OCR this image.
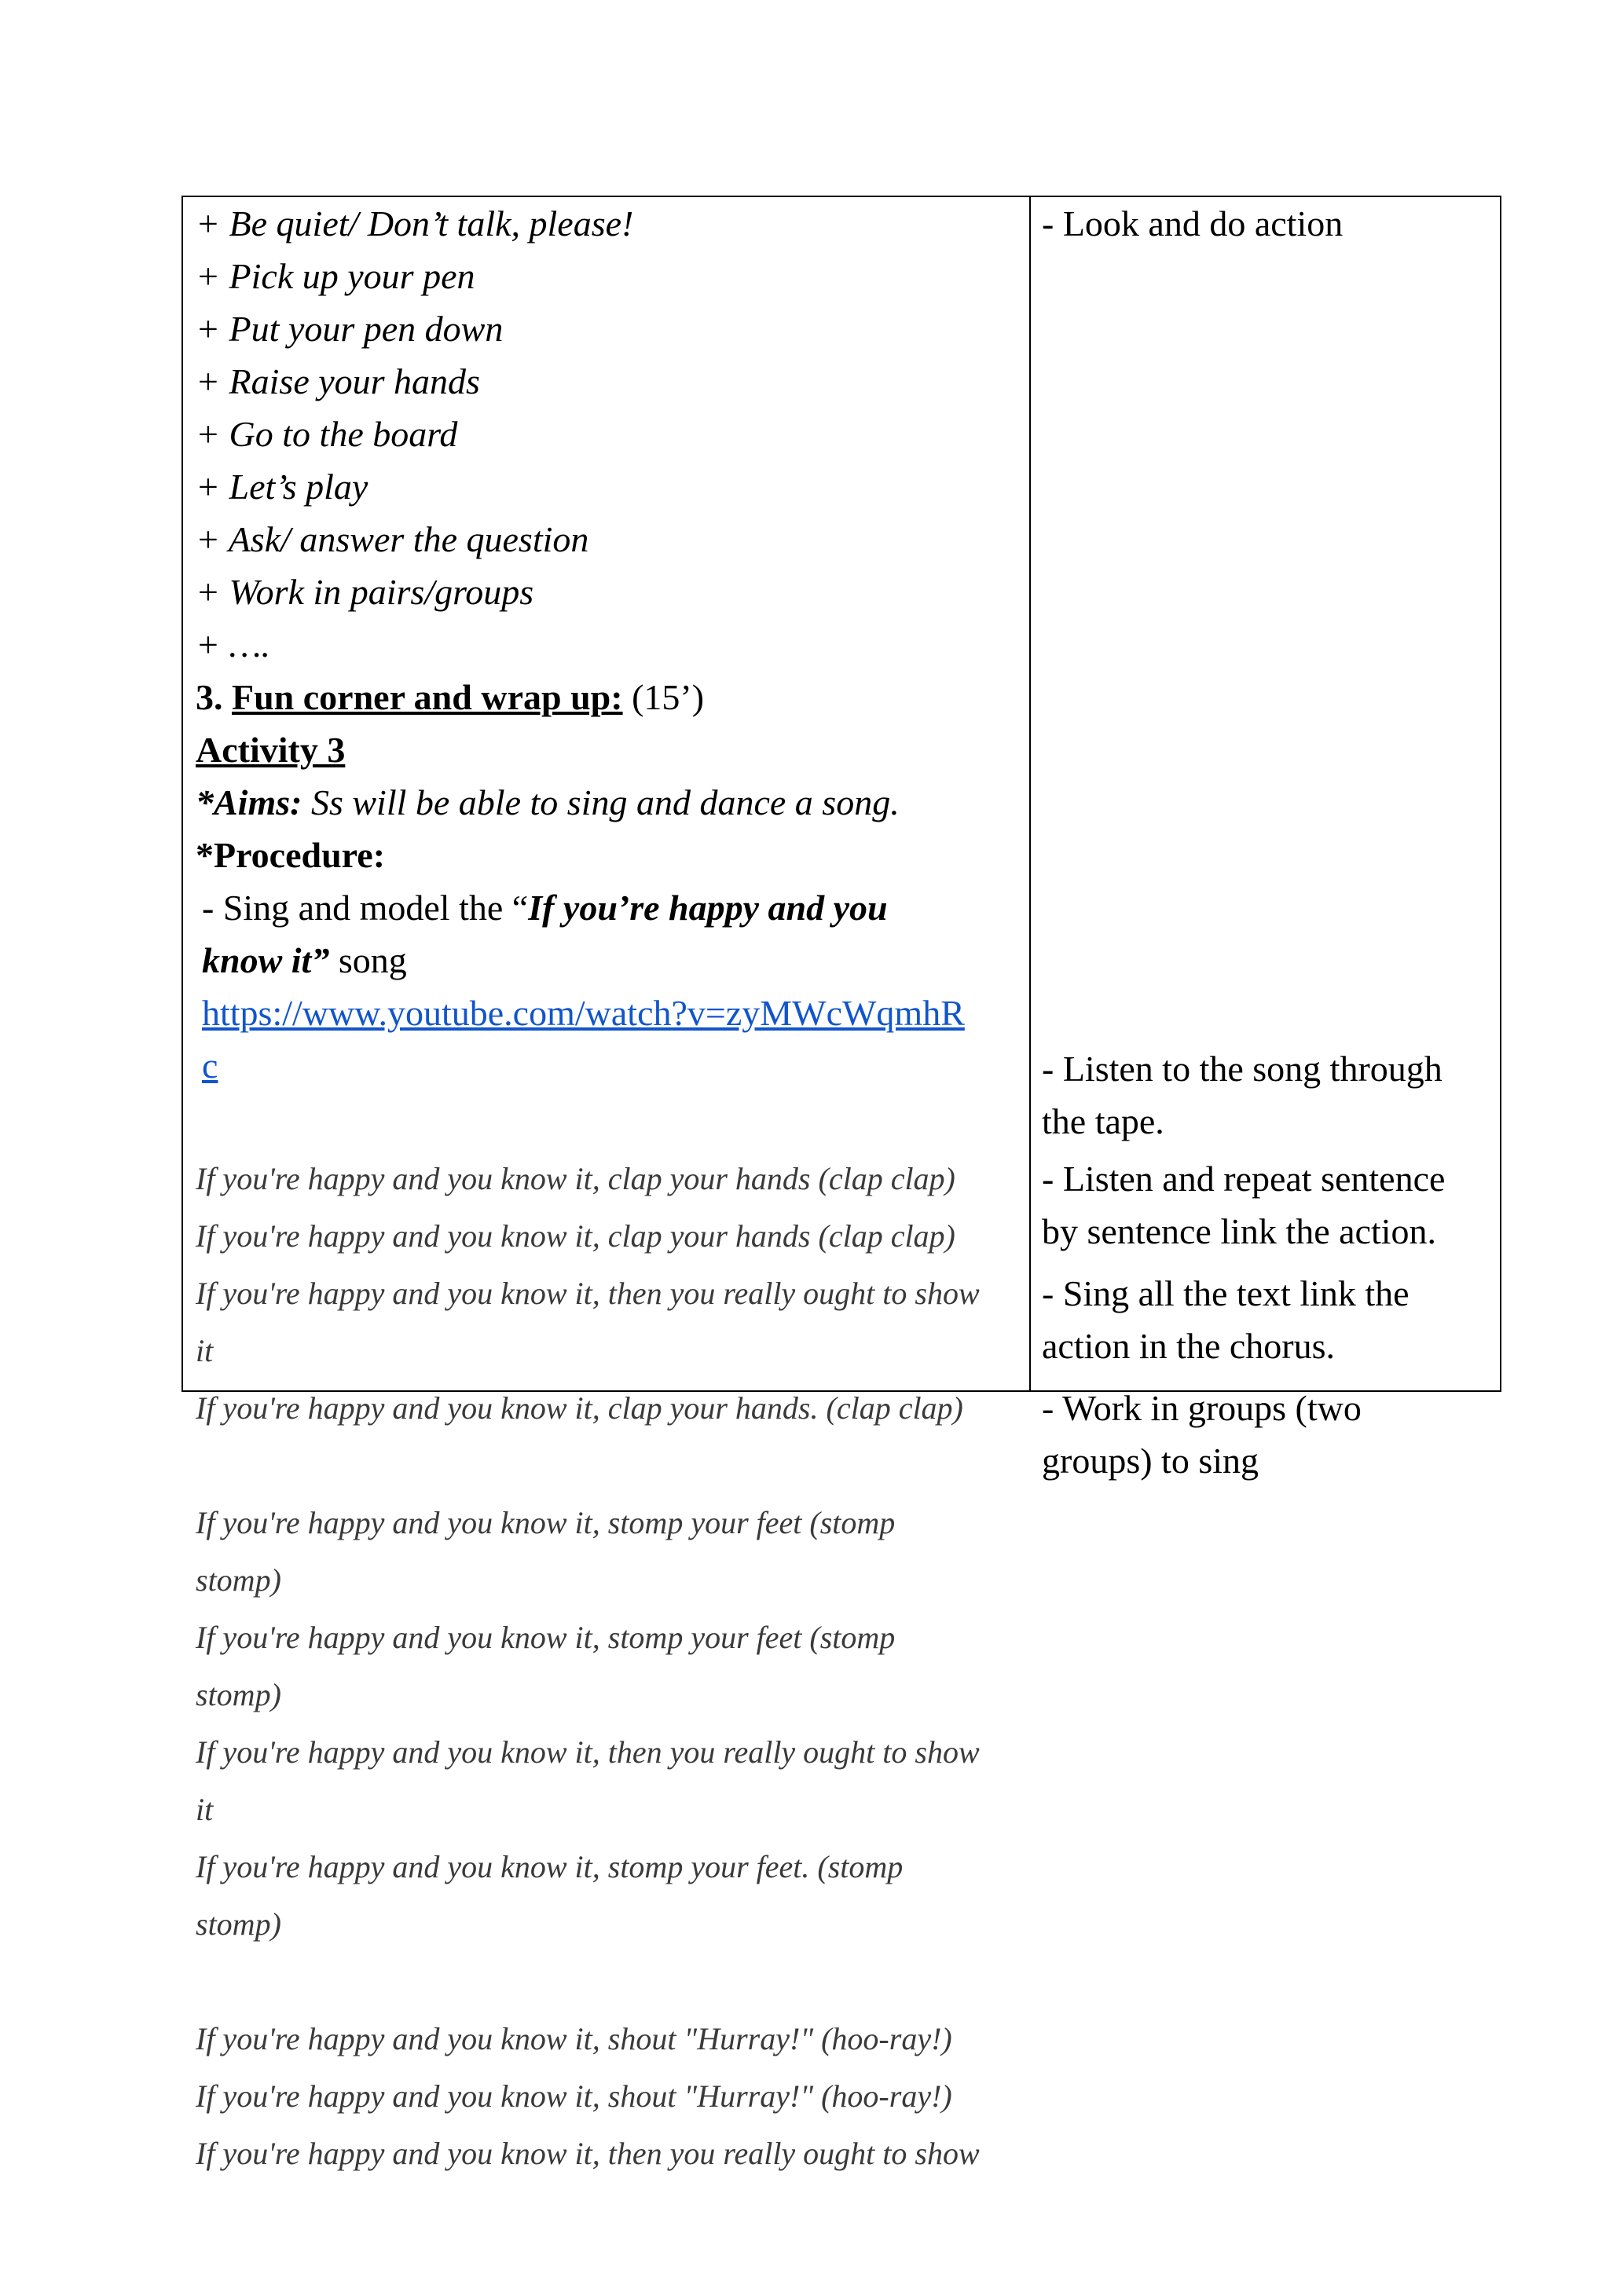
+ Be quiet/ Don’t talk, please!
+ Pick up your pen
+ Put your pen down
+ Raise your hands
+ Go to the board
+ Let’s play
+ Ask/ answer the question
+ Work in pairs/groups
+ ….
3. Fun corner and wrap up: (15’)
Activity 3
*Aims: Ss will be able to sing and dance a song.
*Procedure:
- Sing and model the “If you’re happy and you
know it” song
https://www.youtube.com/watch?v=zyMWcWqmhR
c
If you're happy and you know it, clap your hands (clap clap)
If you're happy and you know it, clap your hands (clap clap)
If you're happy and you know it, then you really ought to show
it
If you're happy and you know it, clap your hands. (clap clap)
If you're happy and you know it, stomp your feet (stomp
stomp)
If you're happy and you know it, stomp your feet (stomp
stomp)
If you're happy and you know it, then you really ought to show
it
If you're happy and you know it, stomp your feet. (stomp
stomp)
If you're happy and you know it, shout "Hurray!" (hoo-ray!)
If you're happy and you know it, shout "Hurray!" (hoo-ray!)
If you're happy and you know it, then you really ought to show
- Look and do action
- Listen to the song through
the tape.
- Listen and repeat sentence
by sentence link the action.
- Sing all the text link the
action in the chorus.
- Work in groups (two
groups) to sing
